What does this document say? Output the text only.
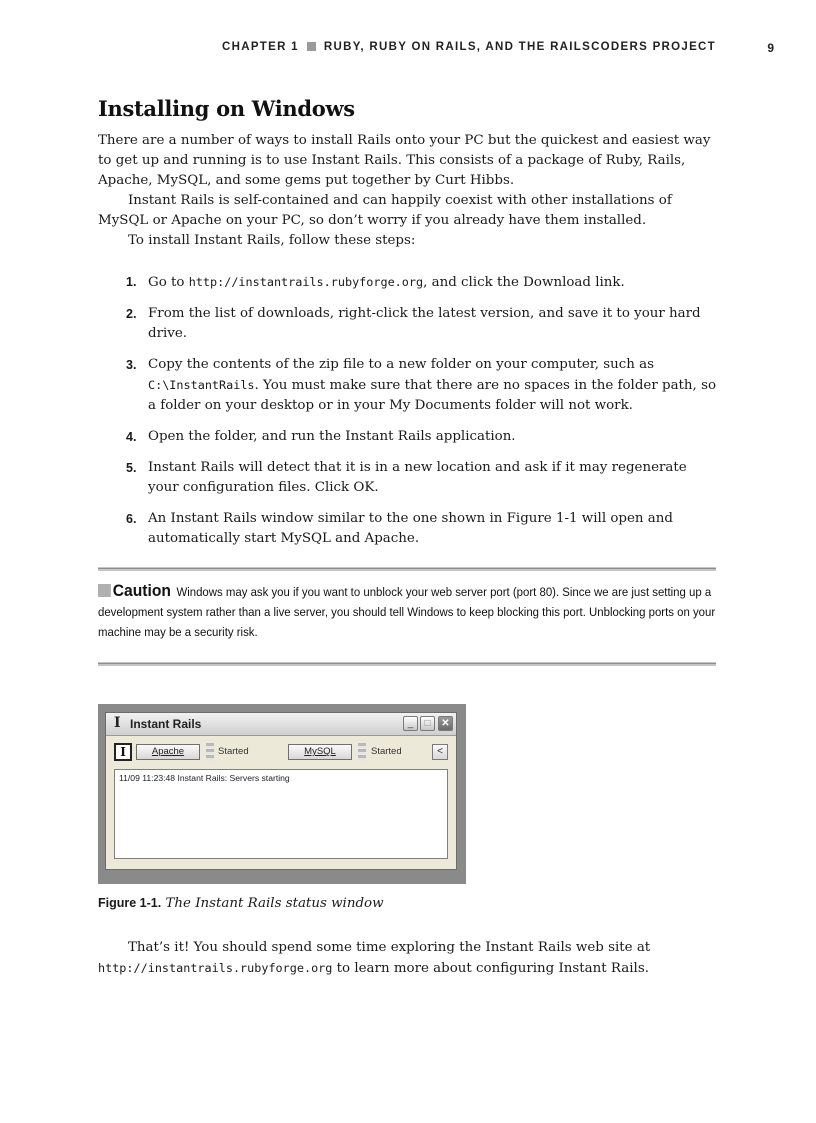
CHAPTER 1 RUBY, RUBY ON RAILS, AND THE RAILSCODERS PROJECT	9
Installing on Windows

There are a number of ways to install Rails onto your PC but the quickest and easiest way to get up and running is to use Instant Rails. This consists of a package of Ruby, Rails, Apache, MySQL, and some gems put together by Curt Hibbs.

Instant Rails is self-contained and can happily coexist with other installations of MySQL or Apache on your PC, so don’t worry if you already have them installed.

To install Instant Rails, follow these steps:

1. Go to http://instantrails.rubyforge.org, and click the Download link.
2. From the list of downloads, right-click the latest version, and save it to your hard drive.
3. Copy the contents of the zip file to a new folder on your computer, such as C:\InstantRails. You must make sure that there are no spaces in the folder path, so a folder on your desktop or in your My Documents folder will not work.
4. Open the folder, and run the Instant Rails application.
5. Instant Rails will detect that it is in a new location and ask if it may regenerate your configuration files. Click OK.
6. An Instant Rails window similar to the one shown in Figure 1-1 will open and automatically start MySQL and Apache.

Caution Windows may ask you if you want to unblock your web server port (port 80). Since we are just setting up a development system rather than a live server, you should tell Windows to keep blocking this port. Unblocking ports on your machine may be a security risk.

I Instant Rails	_	□	✕
I	Apache	Started	MySQL	Started	<
11/09 11:23:48 Instant Rails: Servers starting
Figure 1-1. The Instant Rails status window

That’s it! You should spend some time exploring the Instant Rails web site at http://instantrails.rubyforge.org to learn more about configuring Instant Rails.
